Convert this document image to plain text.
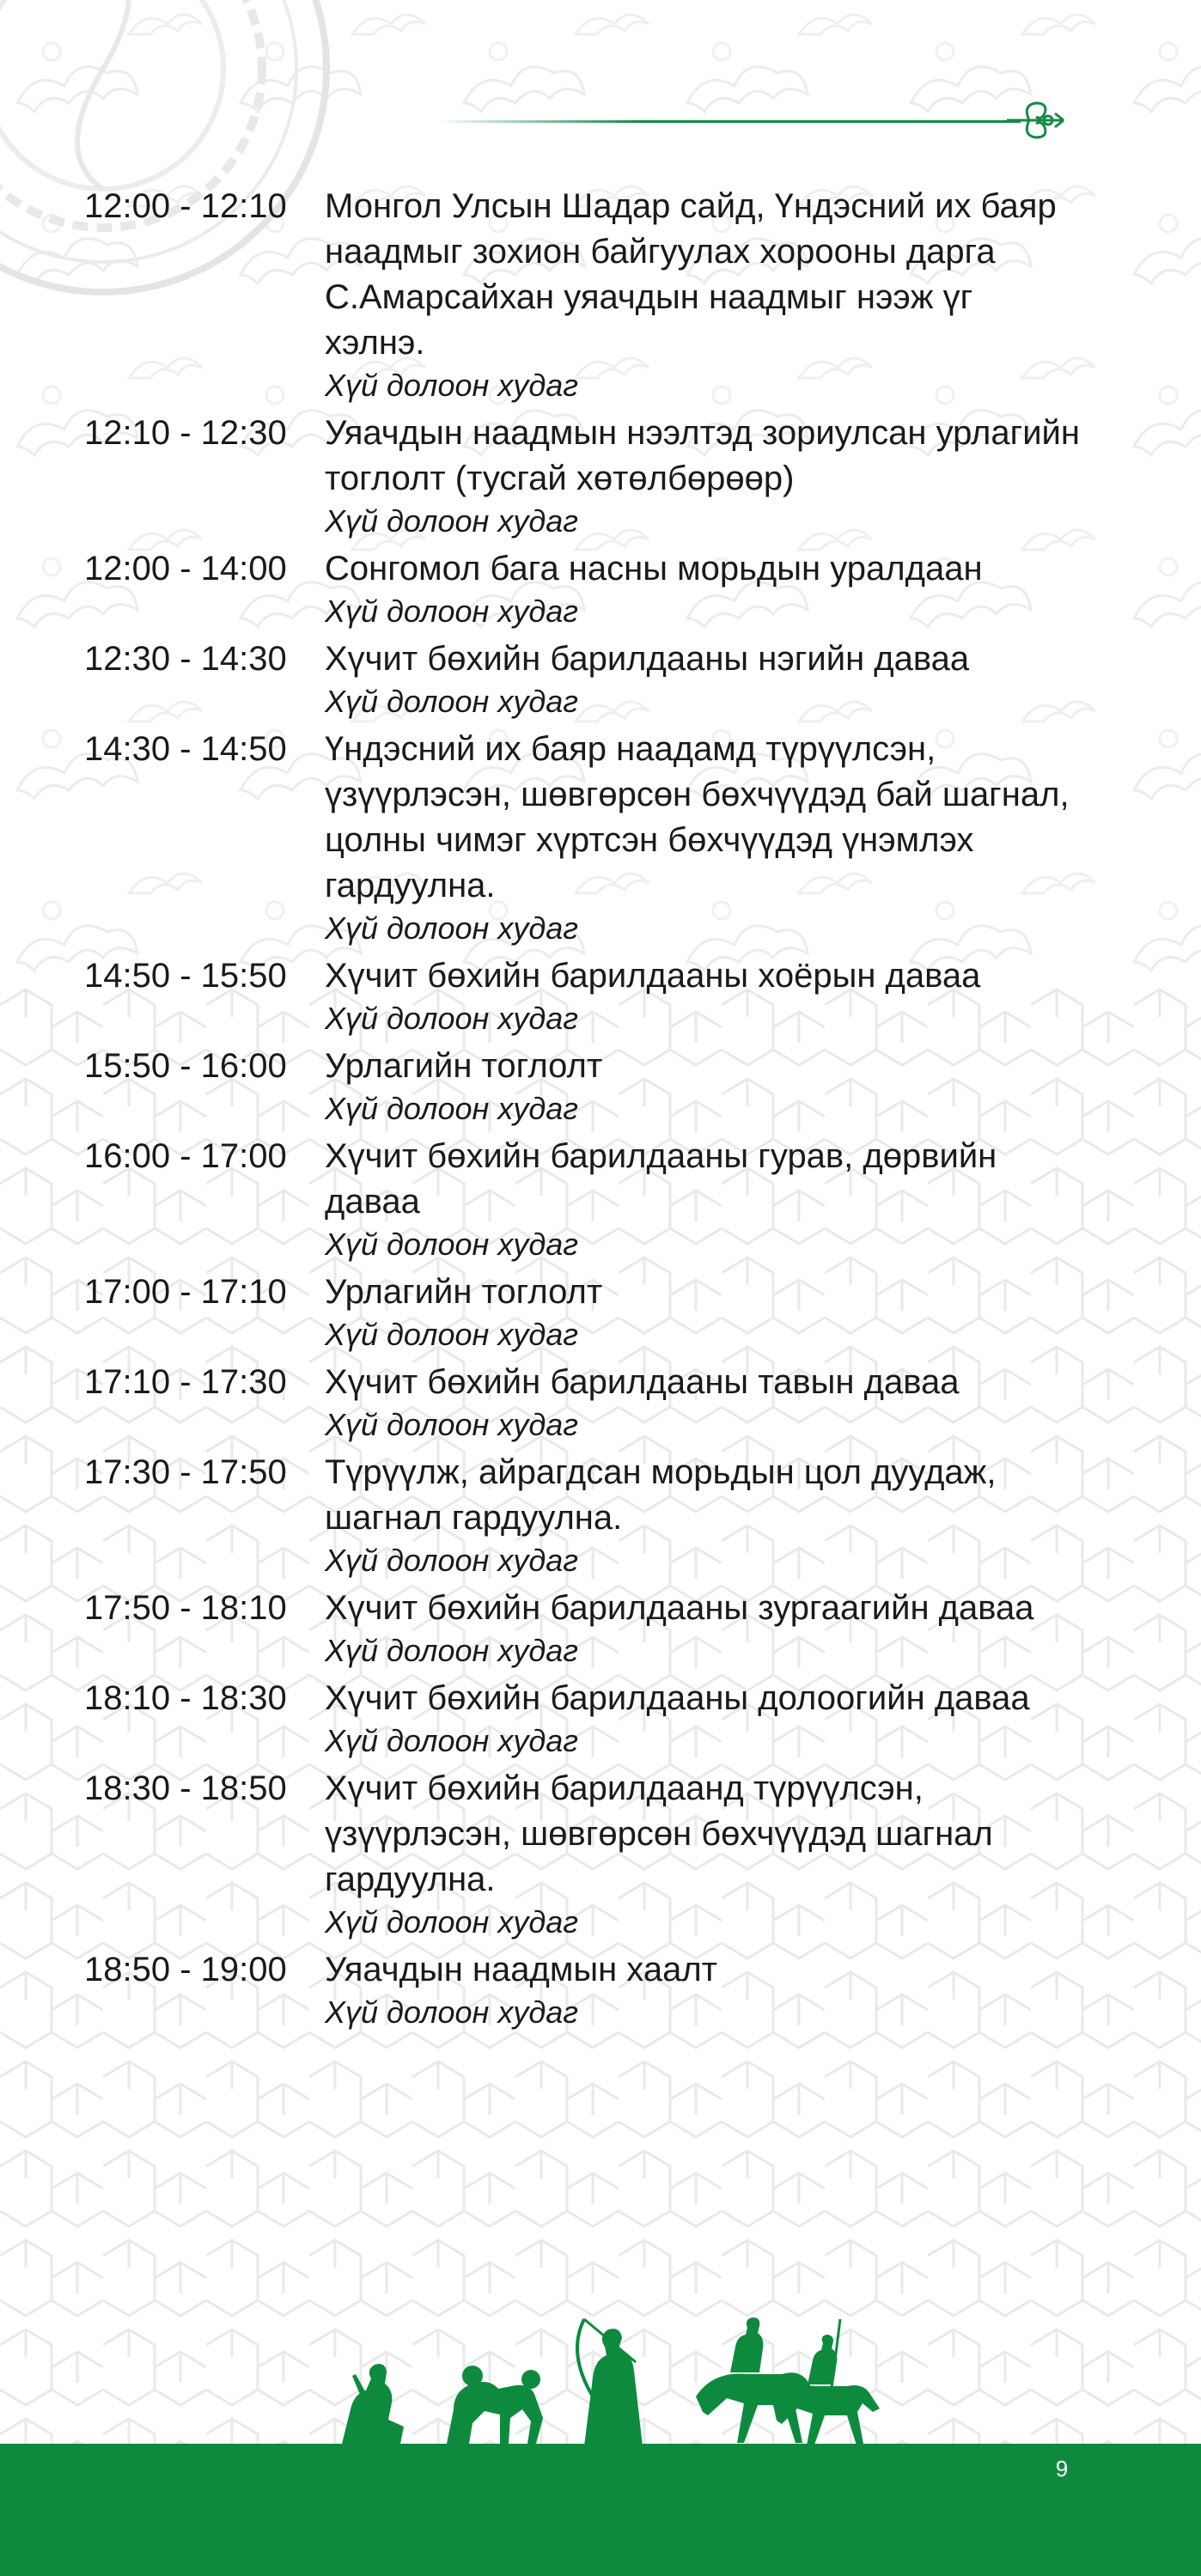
12:00 - 12:10	Монгол Улсын Шадар сайд, Үндэсний их баяр наадмыг зохион байгуулах хорооны дарга С.Амарсайхан уяачдын наадмыг нээж үг хэлнэ.
Хүй долоон худаг
12:10 - 12:30	Уяачдын наадмын нээлтэд зориулсан урлагийн тоглолт (тусгай хөтөлбөрөөр)
Хүй долоон худаг
12:00 - 14:00	Сонгомол бага насны морьдын уралдаан
Хүй долоон худаг
12:30 - 14:30	Хүчит бөхийн барилдааны нэгийн даваа
Хүй долоон худаг
14:30 - 14:50	Үндэсний их баяр наадамд түрүүлсэн, үзүүрлэсэн, шөвгөрсөн бөхчүүдэд бай шагнал, цолны чимэг хүртсэн бөхчүүдэд үнэмлэх гардуулна.
Хүй долоон худаг
14:50 - 15:50	Хүчит бөхийн барилдааны хоёрын даваа
Хүй долоон худаг
15:50 - 16:00	Урлагийн тоглолт
Хүй долоон худаг
16:00 - 17:00	Хүчит бөхийн барилдааны гурав, дөрвийн даваа
Хүй долоон худаг
17:00 - 17:10	Урлагийн тоглолт
Хүй долоон худаг
17:10 - 17:30	Хүчит бөхийн барилдааны тавын даваа
Хүй долоон худаг
17:30 - 17:50	Түрүүлж, айрагдсан морьдын цол дуудаж, шагнал гардуулна.
Хүй долоон худаг
17:50 - 18:10	Хүчит бөхийн барилдааны зургаагийн даваа
Хүй долоон худаг
18:10 - 18:30	Хүчит бөхийн барилдааны долоогийн даваа
Хүй долоон худаг
18:30 - 18:50	Хүчит бөхийн барилдаанд түрүүлсэн, үзүүрлэсэн, шөвгөрсөн бөхчүүдэд шагнал гардуулна.
Хүй долоон худаг
18:50 - 19:00	Уяачдын наадмын хаалт
Хүй долоон худаг
9
